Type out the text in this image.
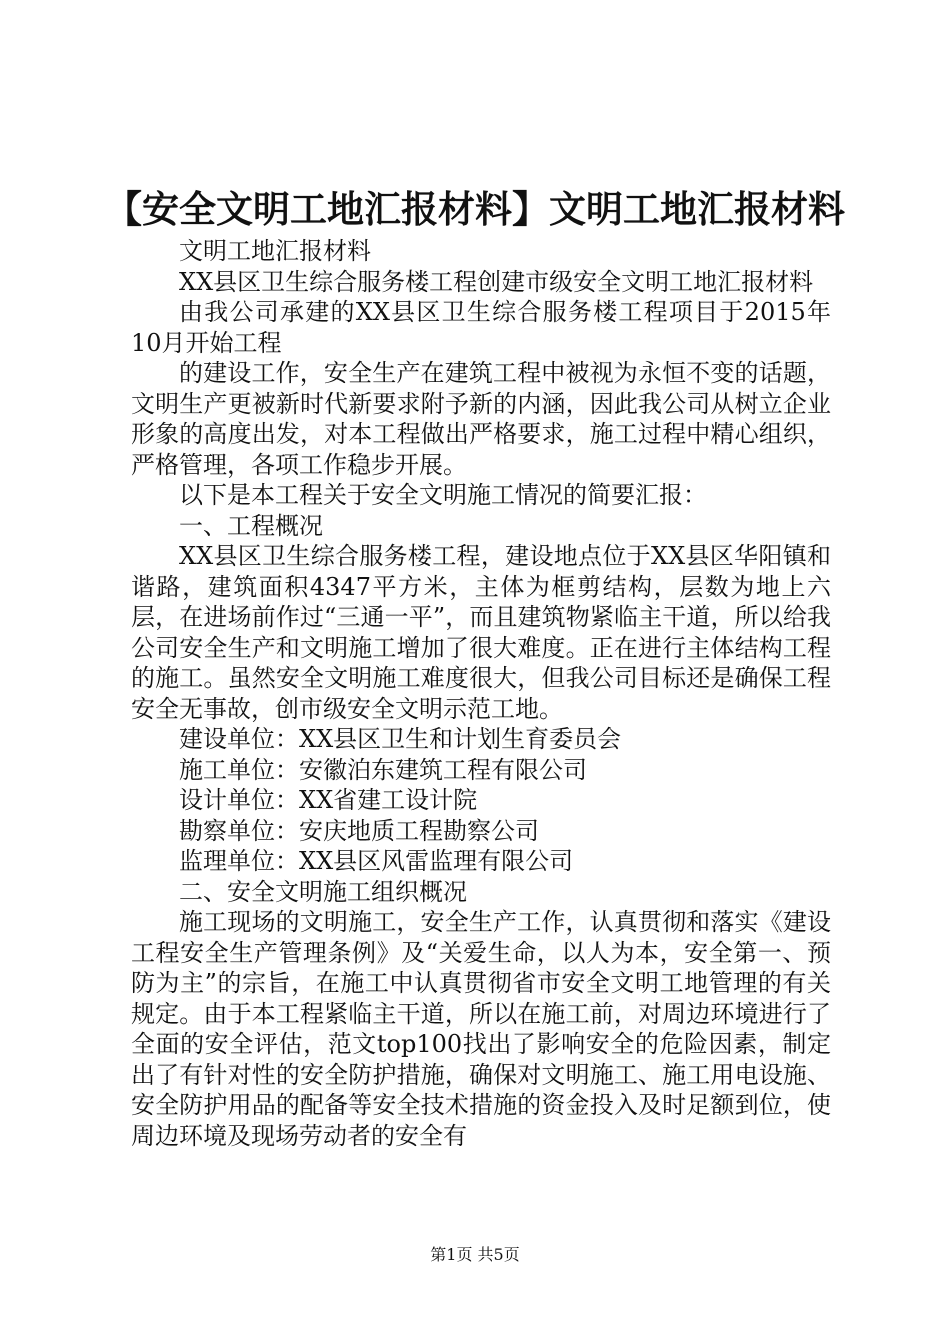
【安全文明工地汇报材料】文明工地汇报材料

文明工地汇报材料

XX县区卫生综合服务楼工程创建市级安全文明工地汇报材料

由我公司承建的XX县区卫生综合服务楼工程项目于2015年10月开始工程

的建设工作，安全生产在建筑工程中被视为永恒不变的话题，文明生产更被新时代新要求附予新的内涵，因此我公司从树立企业形象的高度出发，对本工程做出严格要求，施工过程中精心组织，严格管理，各项工作稳步开展。

以下是本工程关于安全文明施工情况的简要汇报：

一、工程概况

XX县区卫生综合服务楼工程，建设地点位于XX县区华阳镇和谐路，建筑面积4347平方米，主体为框剪结构，层数为地上六层，在进场前作过“三通一平”，而且建筑物紧临主干道，所以给我公司安全生产和文明施工增加了很大难度。正在进行主体结构工程的施工。虽然安全文明施工难度很大，但我公司目标还是确保工程安全无事故，创市级安全文明示范工地。

建设单位：XX县区卫生和计划生育委员会

施工单位：安徽泊东建筑工程有限公司

设计单位：XX省建工设计院

勘察单位：安庆地质工程勘察公司

监理单位：XX县区风雷监理有限公司

二、安全文明施工组织概况

施工现场的文明施工，安全生产工作，认真贯彻和落实《建设工程安全生产管理条例》及“关爱生命，以人为本，安全第一、预防为主”的宗旨，在施工中认真贯彻省市安全文明工地管理的有关规定。由于本工程紧临主干道，所以在施工前，对周边环境进行了全面的安全评估，范文top100找出了影响安全的危险因素，制定出了有针对性的安全防护措施，确保对文明施工、施工用电设施、安全防护用品的配备等安全技术措施的资金投入及时足额到位，使周边环境及现场劳动者的安全有

第1页 共5页
